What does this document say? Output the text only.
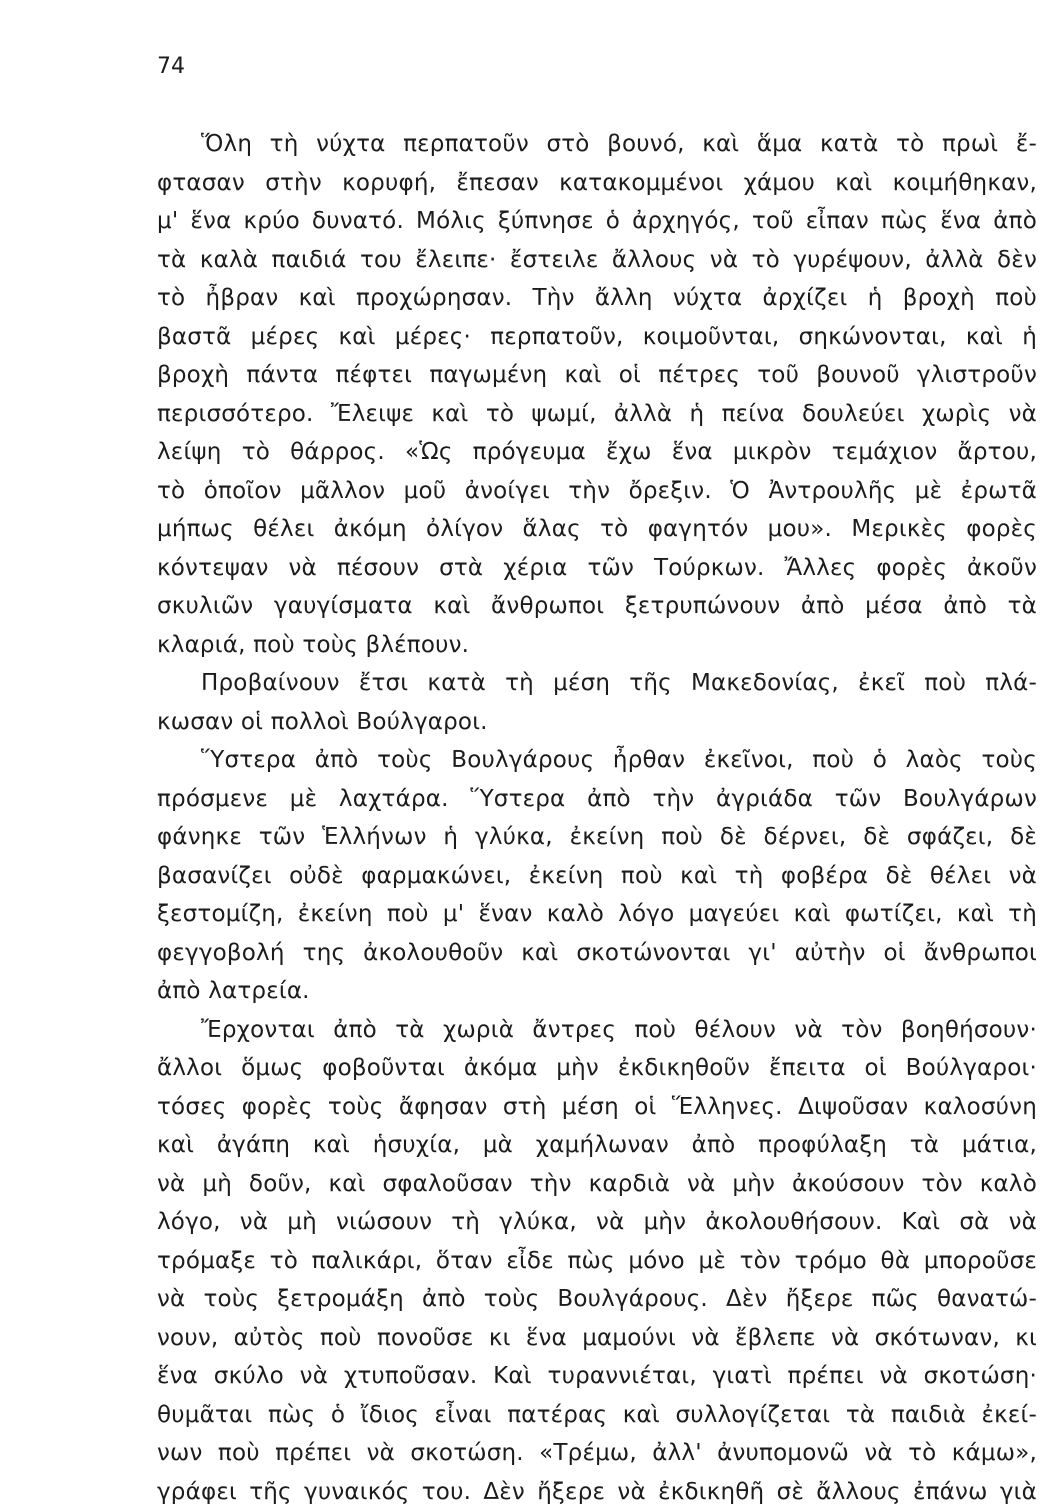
74
Ὅλη τὴ νύχτα περπατοῦν στὸ βουνό, καὶ ἅμα κατὰ τὸ πρωὶ ἔ-
φτασαν στὴν κορυφή, ἔπεσαν κατακομμένοι χάμου καὶ κοιμήθηκαν,
μ' ἕνα κρύο δυνατό. Μόλις ξύπνησε ὁ ἀρχηγός, τοῦ εἶπαν πὼς ἕνα ἀπὸ
τὰ καλὰ παιδιά του ἔλειπε· ἔστειλε ἄλλους νὰ τὸ γυρέψουν, ἀλλὰ δὲν
τὸ ἦβραν καὶ προχώρησαν. Τὴν ἄλλη νύχτα ἀρχίζει ἡ βροχὴ ποὺ
βαστᾶ μέρες καὶ μέρες· περπατοῦν, κοιμοῦνται, σηκώνονται, καὶ ἡ
βροχὴ πάντα πέφτει παγωμένη καὶ οἱ πέτρες τοῦ βουνοῦ γλιστροῦν
περισσότερο. Ἔλειψε καὶ τὸ ψωμί, ἀλλὰ ἡ πείνα δουλεύει χωρὶς νὰ
λείψη τὸ θάρρος. «Ὡς πρόγευμα ἔχω ἕνα μικρὸν τεμάχιον ἄρτου,
τὸ ὁποῖον μᾶλλον μοῦ ἀνοίγει τὴν ὄρεξιν. Ὁ Ἀντρουλῆς μὲ ἐρωτᾶ
μήπως θέλει ἀκόμη ὀλίγον ἅλας τὸ φαγητόν μου». Μερικὲς φορὲς
κόντεψαν νὰ πέσουν στὰ χέρια τῶν Τούρκων. Ἄλλες φορὲς ἀκοῦν
σκυλιῶν γαυγίσματα καὶ ἄνθρωποι ξετρυπώνουν ἀπὸ μέσα ἀπὸ τὰ
κλαριά, ποὺ τοὺς βλέπουν.
Προβαίνουν ἔτσι κατὰ τὴ μέση τῆς Μακεδονίας, ἐκεῖ ποὺ πλά-
κωσαν οἱ πολλοὶ Βούλγαροι.
Ὕστερα ἀπὸ τοὺς Βουλγάρους ἦρθαν ἐκεῖνοι, ποὺ ὁ λαὸς τοὺς
πρόσμενε μὲ λαχτάρα. Ὕστερα ἀπὸ τὴν ἀγριάδα τῶν Βουλγάρων
φάνηκε τῶν Ἑλλήνων ἡ γλύκα, ἐκείνη ποὺ δὲ δέρνει, δὲ σφάζει, δὲ
βασανίζει οὐδὲ φαρμακώνει, ἐκείνη ποὺ καὶ τὴ φοβέρα δὲ θέλει νὰ
ξεστομίζη, ἐκείνη ποὺ μ' ἕναν καλὸ λόγο μαγεύει καὶ φωτίζει, καὶ τὴ
φεγγοβολή της ἀκολουθοῦν καὶ σκοτώνονται γι' αὐτὴν οἱ ἄνθρωποι
ἀπὸ λατρεία.
Ἔρχονται ἀπὸ τὰ χωριὰ ἄντρες ποὺ θέλουν νὰ τὸν βοηθήσουν·
ἄλλοι ὅμως φοβοῦνται ἀκόμα μὴν ἐκδικηθοῦν ἔπειτα οἱ Βούλγαροι·
τόσες φορὲς τοὺς ἄφησαν στὴ μέση οἱ Ἕλληνες. Διψοῦσαν καλοσύνη
καὶ ἀγάπη καὶ ἡσυχία, μὰ χαμήλωναν ἀπὸ προφύλαξη τὰ μάτια,
νὰ μὴ δοῦν, καὶ σφαλοῦσαν τὴν καρδιὰ νὰ μὴν ἀκούσουν τὸν καλὸ
λόγο, νὰ μὴ νιώσουν τὴ γλύκα, νὰ μὴν ἀκολουθήσουν. Καὶ σὰ νὰ
τρόμαξε τὸ παλικάρι, ὅταν εἶδε πὼς μόνο μὲ τὸν τρόμο θὰ μποροῦσε
νὰ τοὺς ξετρομάξη ἀπὸ τοὺς Βουλγάρους. Δὲν ἤξερε πῶς θανατώ-
νουν, αὐτὸς ποὺ πονοῦσε κι ἕνα μαμούνι νὰ ἔβλεπε νὰ σκότωναν, κι
ἕνα σκύλο νὰ χτυποῦσαν. Καὶ τυραννιέται, γιατὶ πρέπει νὰ σκοτώση·
θυμᾶται πὼς ὁ ἴδιος εἶναι πατέρας καὶ συλλογίζεται τὰ παιδιὰ ἐκεί-
νων ποὺ πρέπει νὰ σκοτώση. «Τρέμω, ἀλλ' ἀνυπομονῶ νὰ τὸ κάμω»,
γράφει τῆς γυναικός του. Δὲν ἤξερε νὰ ἐκδικηθῆ σὲ ἄλλους ἐπάνω γιὰ
